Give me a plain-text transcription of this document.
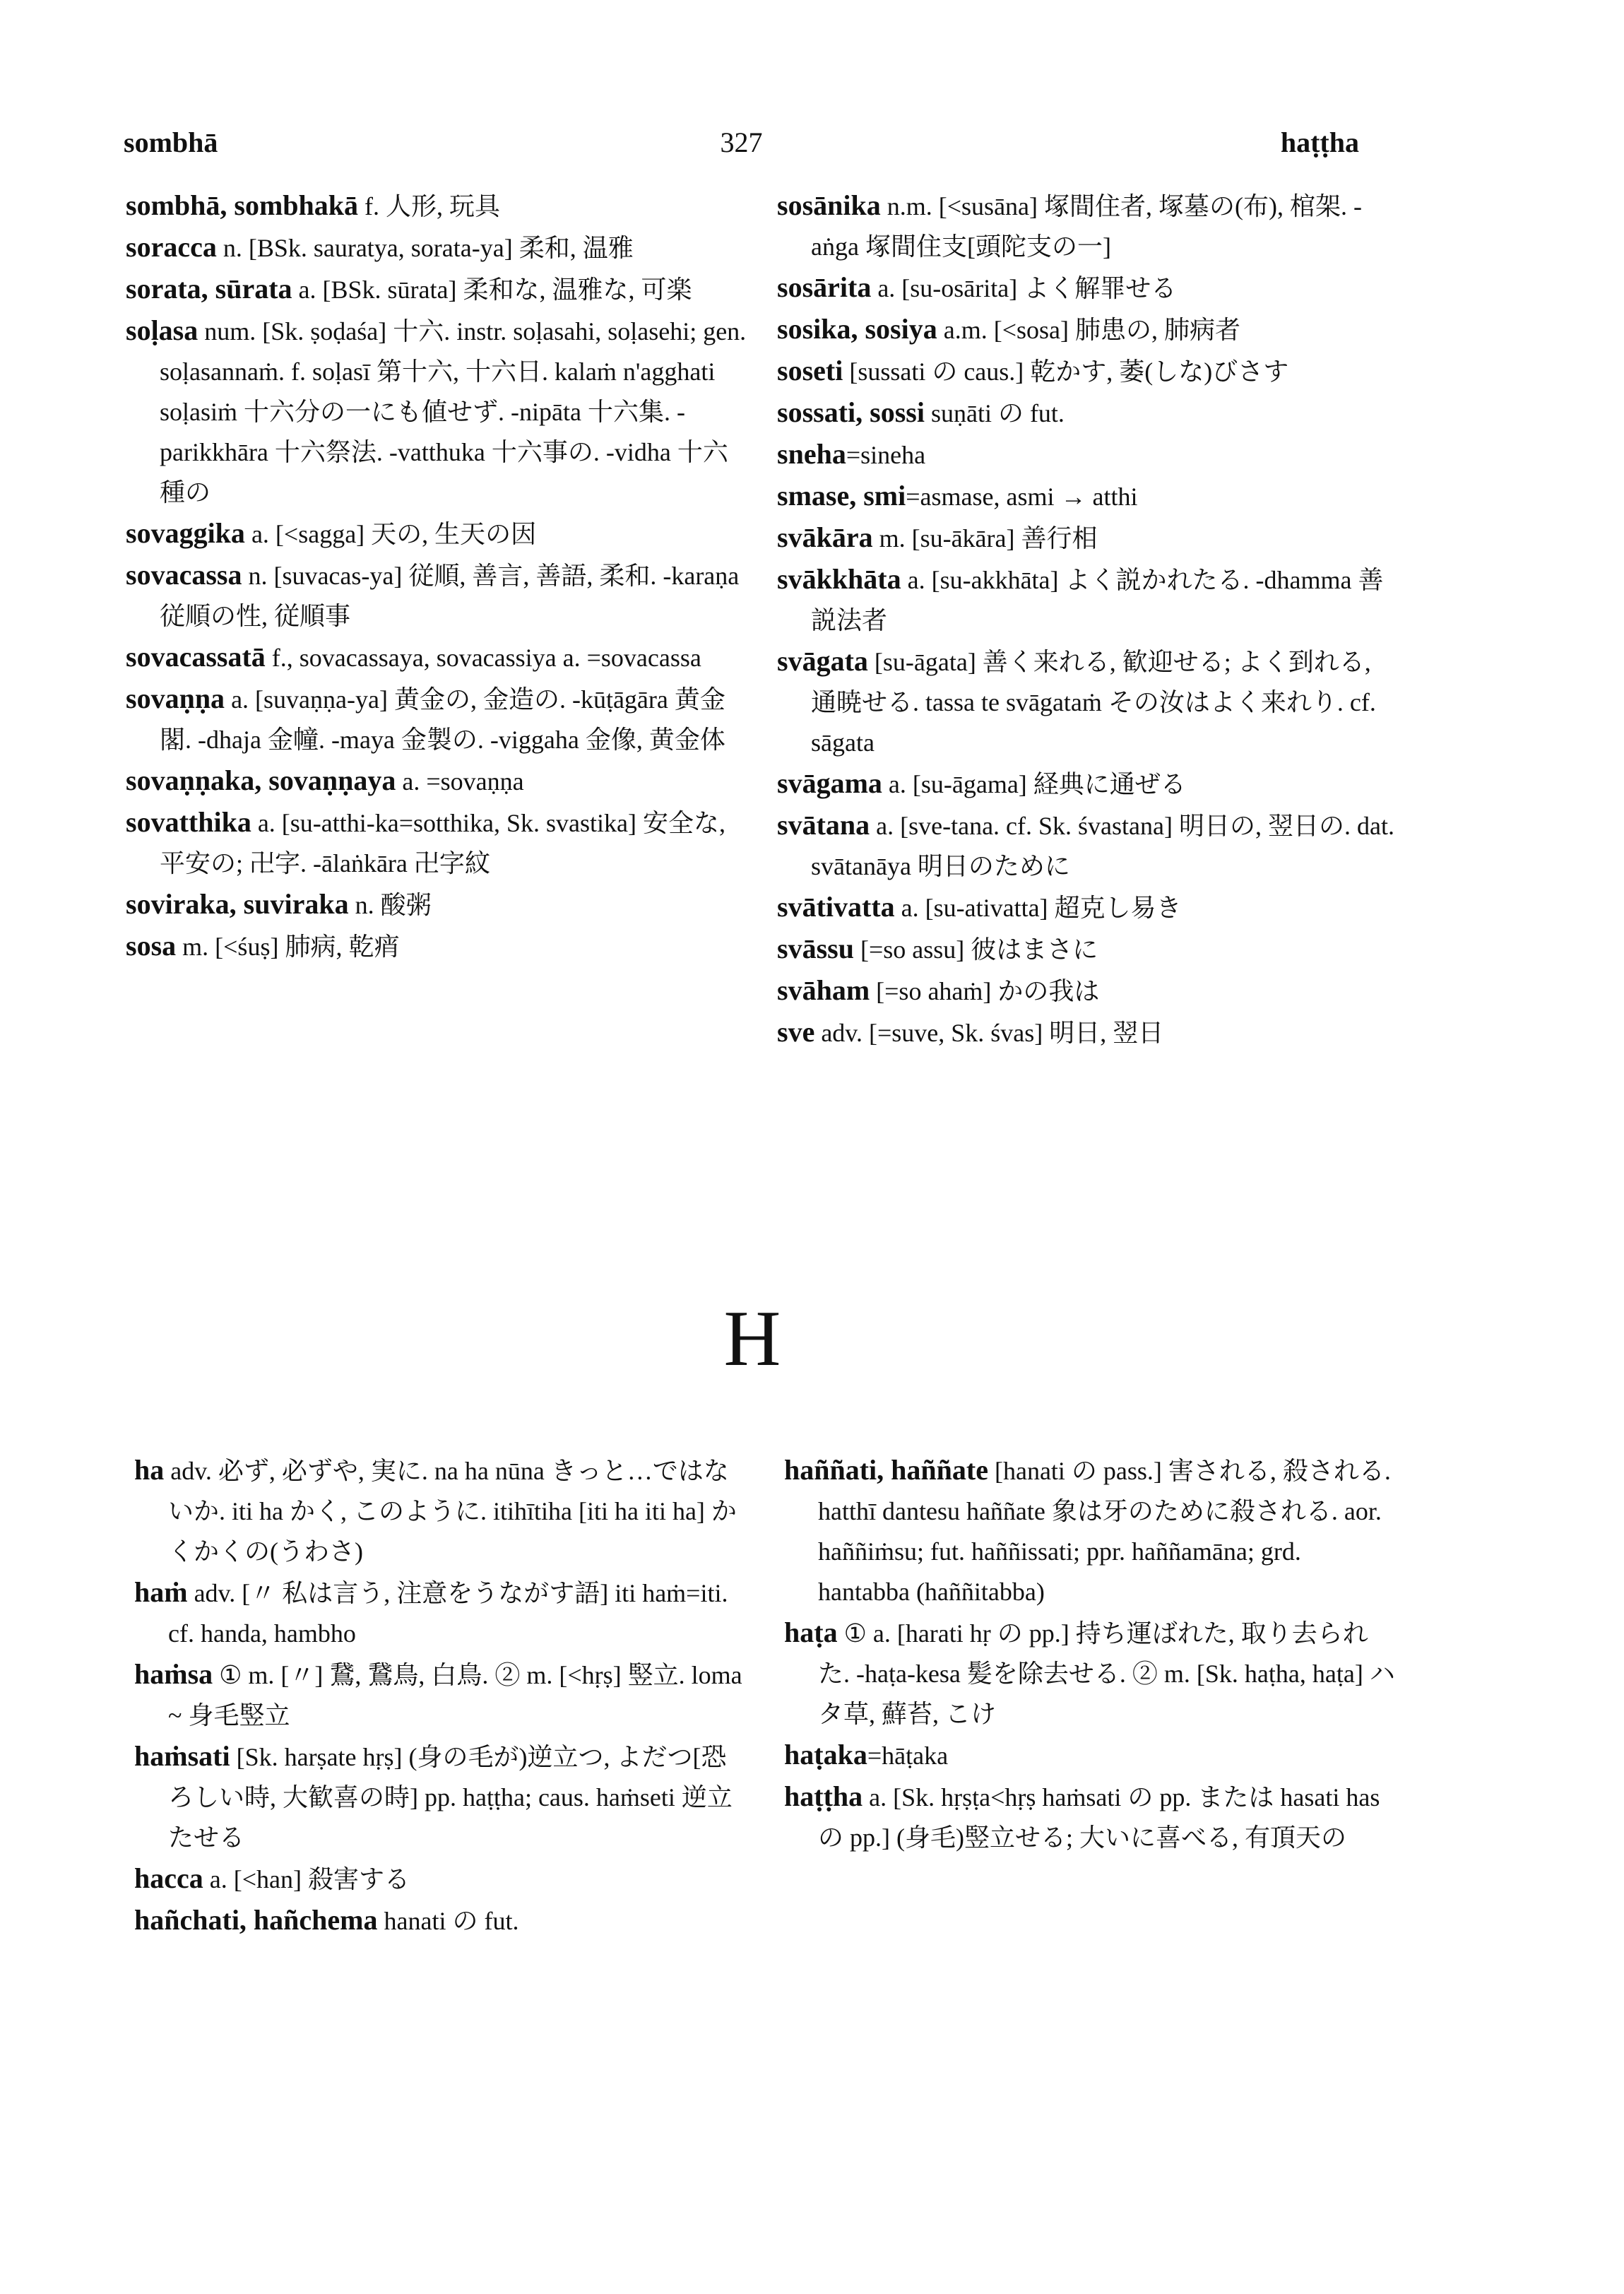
sombhā	327	haṭṭha

sombhā, sombhakā f. 人形, 玩具

soracca n. [BSk. sauratya, sorata-ya] 柔和, 温雅

sorata, sūrata a. [BSk. sūrata] 柔和な, 温雅な, 可楽

soḷasa num. [Sk. ṣoḍaśa] 十六. instr. soḷasahi, soḷasehi; gen. soḷasannaṁ. f. soḷasī 第十六, 十六日. kalaṁ n'agghati soḷasiṁ 十六分の一にも値せず. -nipāta 十六集. -parikkhāra 十六祭法. -vatthuka 十六事の. -vidha 十六種の

sovaggika a. [<sagga] 天の, 生天の因

sovacassa n. [suvacas-ya] 従順, 善言, 善語, 柔和. -karaṇa 従順の性, 従順事

sovacassatā f., sovacassaya, sovacassiya a. =sovacassa

sovaṇṇa a. [suvaṇṇa-ya] 黄金の, 金造の. -kūṭāgāra 黄金閣. -dhaja 金幢. -maya 金製の. -viggaha 金像, 黄金体

sovaṇṇaka, sovaṇṇaya a. =sovaṇṇa

sovatthika a. [su-atthi-ka=sotthika, Sk. svastika] 安全な, 平安の; 卍字. -ālaṅkāra 卍字紋

soviraka, suviraka n. 酸粥

sosa m. [<śuṣ] 肺病, 乾痟

sosānika n.m. [<susāna] 塚間住者, 塚墓の(布), 棺架. -aṅga 塚間住支[頭陀支の一]

sosārita a. [su-osārita] よく解罪せる

sosika, sosiya a.m. [<sosa] 肺患の, 肺病者

soseti [sussati の caus.] 乾かす, 萎(しな)びさす

sossati, sossi suṇāti の fut.

sneha=sineha

smase, smi=asmase, asmi → atthi

svākāra m. [su-ākāra] 善行相

svākkhāta a. [su-akkhāta] よく説かれたる. -dhamma 善説法者

svāgata [su-āgata] 善く来れる, 歓迎せる; よく到れる, 通暁せる. tassa te svāgataṁ その汝はよく来れり. cf. sāgata

svāgama a. [su-āgama] 経典に通ぜる

svātana a. [sve-tana. cf. Sk. śvastana] 明日の, 翌日の. dat. svātanāya 明日のために

svātivatta a. [su-ativatta] 超克し易き

svāssu [=so assu] 彼はまさに

svāham [=so ahaṁ] かの我は

sve adv. [=suve, Sk. śvas] 明日, 翌日

H

ha adv. 必ず, 必ずや, 実に. na ha nūna きっと…ではないか. iti ha かく, このように. itihītiha [iti ha iti ha] かくかくの(うわさ)

haṁ adv. [〃 私は言う, 注意をうながす語] iti haṁ=iti. cf. handa, hambho

haṁsa ① m. [〃] 鵞, 鵞鳥, 白鳥. ② m. [<hṛṣ] 竪立. loma ~ 身毛竪立

haṁsati [Sk. harṣate hṛṣ] (身の毛が)逆立つ, よだつ[恐ろしい時, 大歓喜の時] pp. haṭṭha; caus. haṁseti 逆立たせる

hacca a. [<han] 殺害する

hañchati, hañchema hanati の fut.

haññati, haññate [hanati の pass.] 害される, 殺される. hatthī dantesu haññate 象は牙のために殺される. aor. haññiṁsu; fut. haññissati; ppr. haññamāna; grd. hantabba (haññitabba)

haṭa ① a. [harati hṛ の pp.] 持ち運ばれた, 取り去られた. -haṭa-kesa 髪を除去せる. ② m. [Sk. haṭha, haṭa] ハタ草, 蘚苔, こけ

haṭaka=hāṭaka

haṭṭha a. [Sk. hṛṣṭa<hṛṣ haṁsati の pp. または hasati has の pp.] (身毛)竪立せる; 大いに喜べる, 有頂天の
